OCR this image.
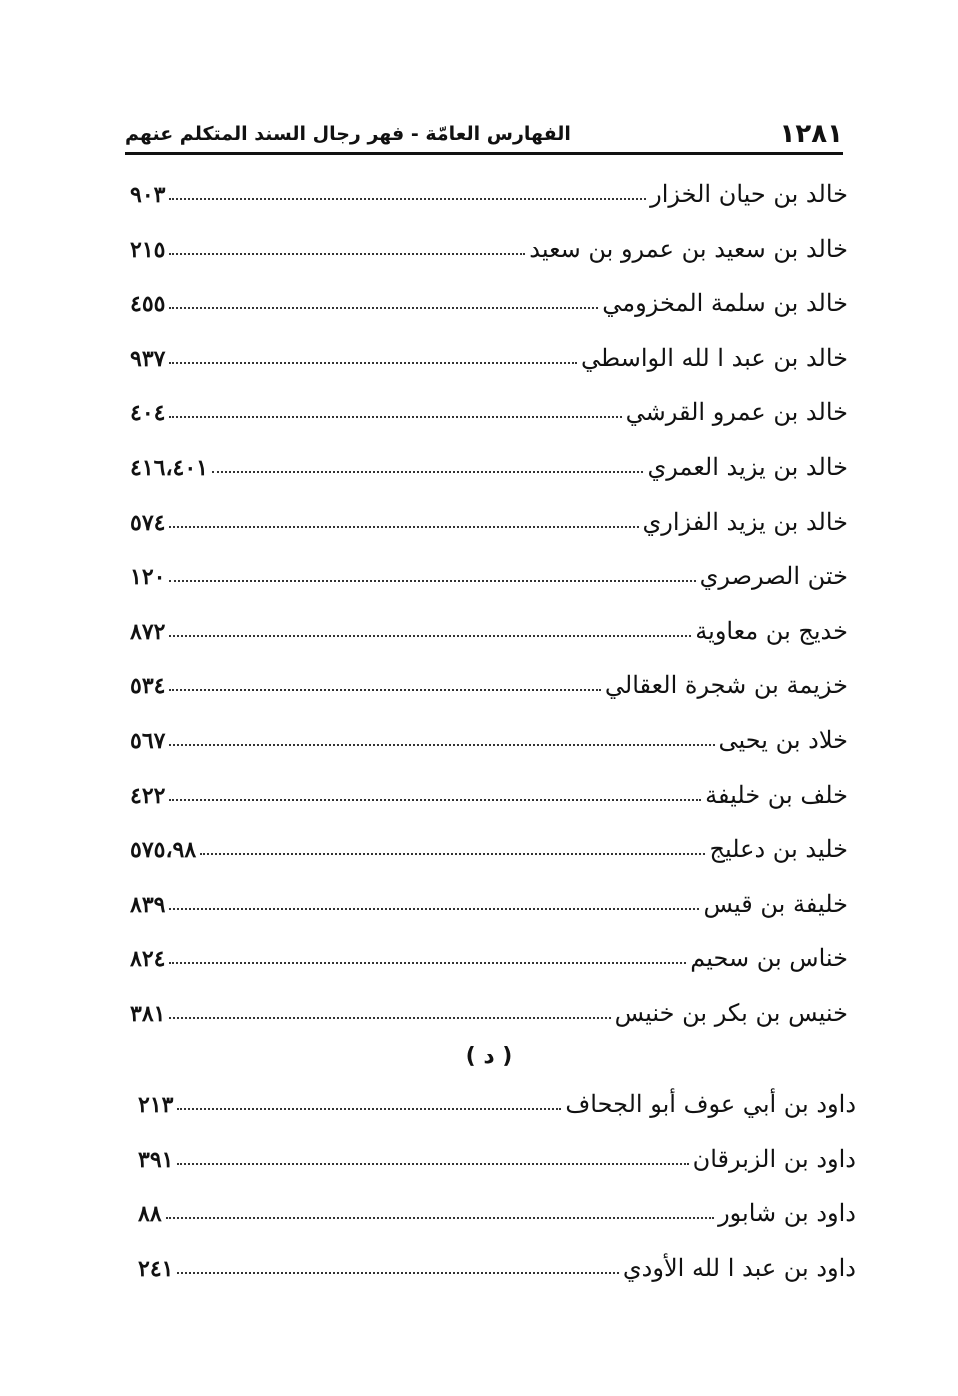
١٢٨١
الفهارس العامّة - فهر رجال السند المتكلم عنهم
خالد بن حيان الخزار
٩٠٣
خالد بن سعيد بن عمرو بن سعيد
٢١٥
خالد بن سلمة المخزومي
٤٥٥
خالد بن عبد ا لله الواسطي
٩٣٧
خالد بن عمرو القرشي
٤٠٤
خالد بن يزيد العمري
٤١٦،٤٠١
خالد بن يزيد الفزاري
٥٧٤
ختن الصرصري
١٢٠
خديج بن معاوية
٨٧٢
خزيمة بن شجرة العقالي
٥٣٤
خلاد بن يحيى
٥٦٧
خلف بن خليفة
٤٢٢
خليد بن دعليج
٥٧٥،٩٨
خليفة بن قيس
٨٣٩
خناس بن سحيم
٨٢٤
خنيس بن بكر بن خنيس
٣٨١
( د )
داود بن أبي عوف أبو الجحاف
٢١٣
داود بن الزبرقان
٣٩١
داود بن شابور
٨٨
داود بن عبد ا لله الأودي
٢٤١
